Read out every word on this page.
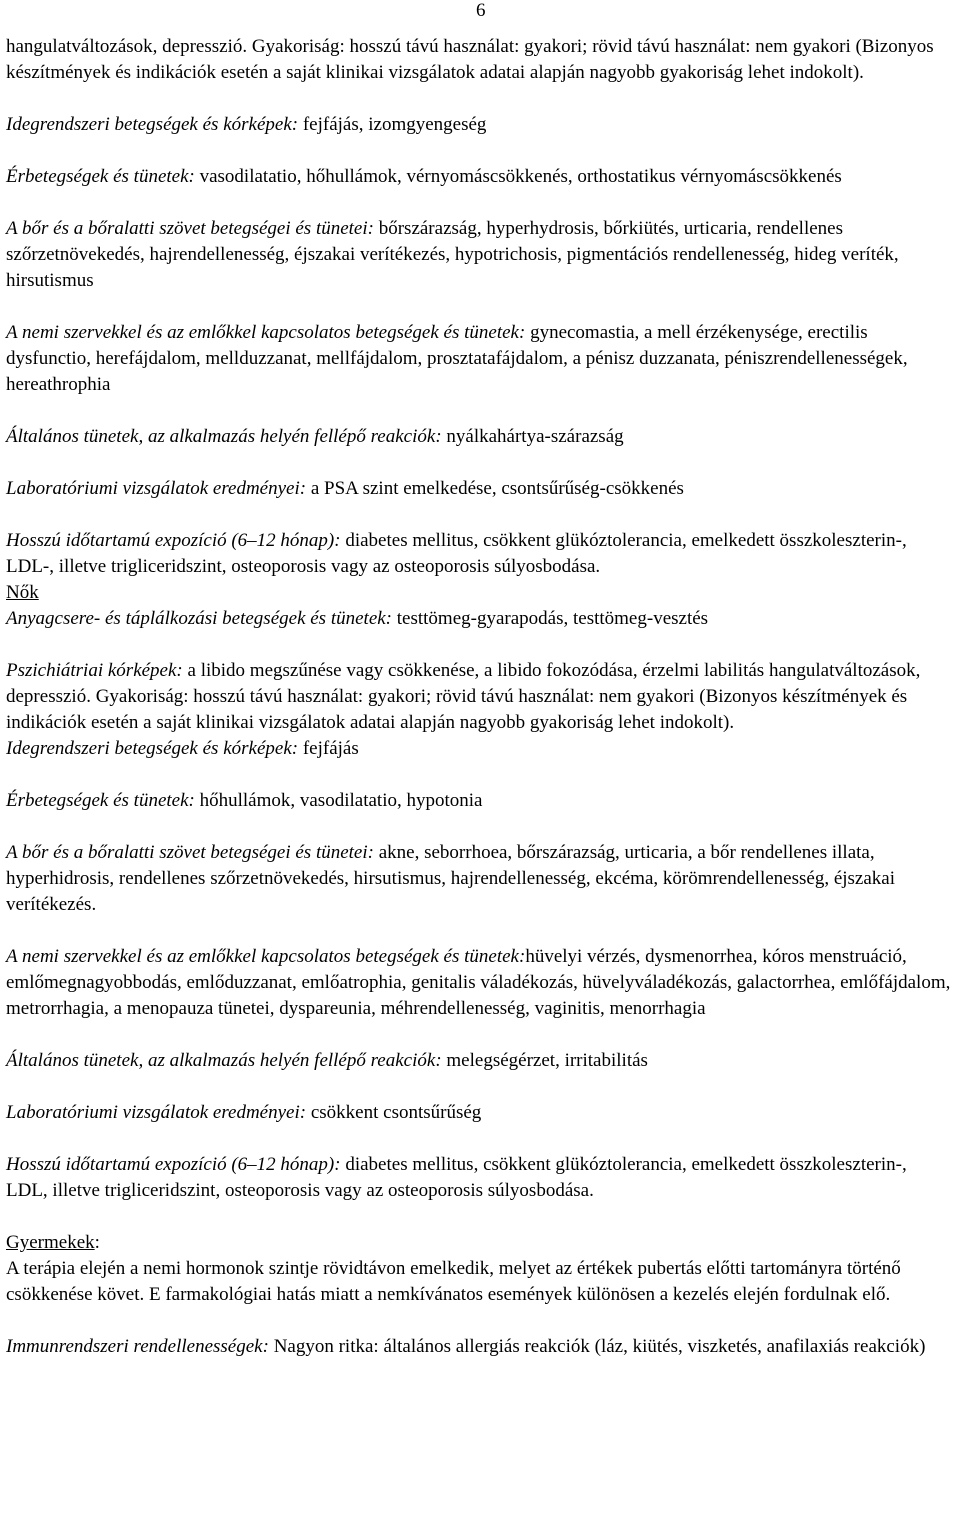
6

hangulatváltozások, depresszió. Gyakoriság: hosszú távú használat: gyakori; rövid távú használat: nem gyakori (Bizonyos készítmények és indikációk esetén a saját klinikai vizsgálatok adatai alapján nagyobb gyakoriság lehet indokolt).

Idegrendszeri betegségek és kórképek: fejfájás, izomgyengeség

Érbetegségek és tünetek: vasodilatatio, hőhullámok, vérnyomáscsökkenés, orthostatikus vérnyomáscsökkenés

A bőr és a bőralatti szövet betegségei és tünetei: bőrszárazság, hyperhydrosis, bőrkiütés, urticaria, rendellenes szőrzetnövekedés, hajrendellenesség, éjszakai verítékezés, hypotrichosis, pigmentációs rendellenesség, hideg veríték, hirsutismus

A nemi szervekkel és az emlőkkel kapcsolatos betegségek és tünetek: gynecomastia, a mell érzékenysége, erectilis dysfunctio, herefájdalom, mellduzzanat, mellfájdalom, prosztatafájdalom, a pénisz duzzanata, péniszrendellenességek, hereathrophia

Általános tünetek, az alkalmazás helyén fellépő reakciók: nyálkahártya-szárazság

Laboratóriumi vizsgálatok eredményei: a PSA szint emelkedése, csontsűrűség-csökkenés

Hosszú időtartamú expozíció (6–12 hónap): diabetes mellitus, csökkent glükóztolerancia, emelkedett összkoleszterin-, LDL-, illetve trigliceridszint, osteoporosis vagy az osteoporosis súlyosbodása.

Nők

Anyagcsere- és táplálkozási betegségek és tünetek: testtömeg-gyarapodás, testtömeg-vesztés

Pszichiátriai kórképek: a libido megszűnése vagy csökkenése, a libido fokozódása, érzelmi labilitás hangulatváltozások, depresszió. Gyakoriság: hosszú távú használat: gyakori; rövid távú használat: nem gyakori (Bizonyos készítmények és indikációk esetén a saját klinikai vizsgálatok adatai alapján nagyobb gyakoriság lehet indokolt).

Idegrendszeri betegségek és kórképek: fejfájás

Érbetegségek és tünetek: hőhullámok, vasodilatatio, hypotonia

A bőr és a bőralatti szövet betegségei és tünetei: akne, seborrhoea, bőrszárazság, urticaria, a bőr rendellenes illata, hyperhidrosis, rendellenes szőrzetnövekedés, hirsutismus, hajrendellenesség, ekcéma, körömrendellenesség, éjszakai verítékezés.

A nemi szervekkel és az emlőkkel kapcsolatos betegségek és tünetek:hüvelyi vérzés, dysmenorrhea, kóros menstruáció, emlőmegnagyobbodás, emlőduzzanat, emlőatrophia, genitalis váladékozás, hüvelyváladékozás, galactorrhea, emlőfájdalom, metrorrhagia, a menopauza tünetei, dyspareunia, méhrendellenesség, vaginitis, menorrhagia

Általános tünetek, az alkalmazás helyén fellépő reakciók: melegségérzet, irritabilitás

Laboratóriumi vizsgálatok eredményei: csökkent csontsűrűség

Hosszú időtartamú expozíció (6–12 hónap): diabetes mellitus, csökkent glükóztolerancia, emelkedett összkoleszterin-, LDL, illetve trigliceridszint, osteoporosis vagy az osteoporosis súlyosbodása.

Gyermekek:

A terápia elején a nemi hormonok szintje rövidtávon emelkedik, melyet az értékek pubertás előtti tartományra történő csökkenése követ. E farmakológiai hatás miatt a nemkívánatos események különösen a kezelés elején fordulnak elő.

Immunrendszeri rendellenességek: Nagyon ritka: általános allergiás reakciók (láz, kiütés, viszketés, anafilaxiás reakciók)
